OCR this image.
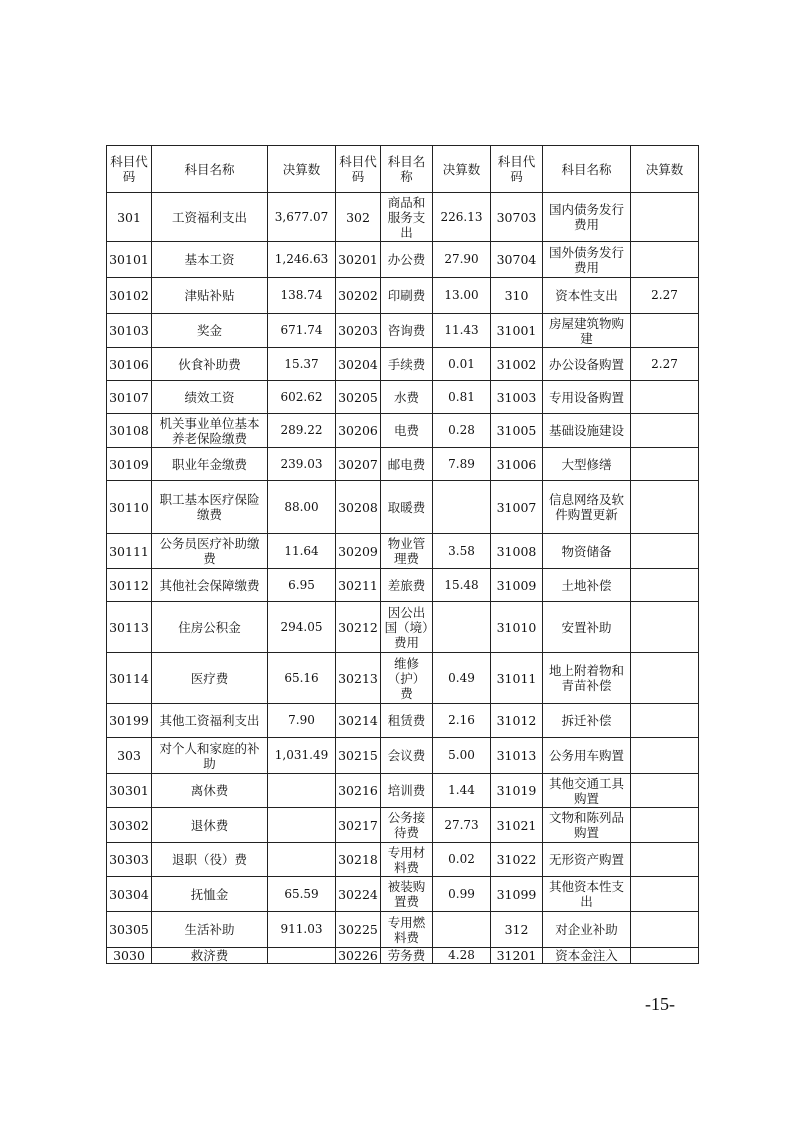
科目代码	科目名称	决算数	科目代码	科目名称	决算数	科目代码	科目名称	决算数
301	工资福利支出	3,677.07	302	商品和服务支出	226.13	30703	国内债务发行费用	
30101	基本工资	1,246.63	30201	办公费	27.90	30704	国外债务发行费用	
30102	津贴补贴	138.74	30202	印刷费	13.00	310	资本性支出	2.27
30103	奖金	671.74	30203	咨询费	11.43	31001	房屋建筑物购建	
30106	伙食补助费	15.37	30204	手续费	0.01	31002	办公设备购置	2.27
30107	绩效工资	602.62	30205	水费	0.81	31003	专用设备购置	
30108	机关事业单位基本养老保险缴费	289.22	30206	电费	0.28	31005	基础设施建设	
30109	职业年金缴费	239.03	30207	邮电费	7.89	31006	大型修缮	
30110	职工基本医疗保险缴费	88.00	30208	取暖费		31007	信息网络及软件购置更新	
30111	公务员医疗补助缴费	11.64	30209	物业管理费	3.58	31008	物资储备	
30112	其他社会保障缴费	6.95	30211	差旅费	15.48	31009	土地补偿	
30113	住房公积金	294.05	30212	因公出国（境）费用		31010	安置补助	
30114	医疗费	65.16	30213	维修（护）费	0.49	31011	地上附着物和青苗补偿	
30199	其他工资福利支出	7.90	30214	租赁费	2.16	31012	拆迁补偿	
303	对个人和家庭的补助	1,031.49	30215	会议费	5.00	31013	公务用车购置	
30301	离休费		30216	培训费	1.44	31019	其他交通工具购置	
30302	退休费		30217	公务接待费	27.73	31021	文物和陈列品购置	
30303	退职（役）费		30218	专用材料费	0.02	31022	无形资产购置	
30304	抚恤金	65.59	30224	被装购置费	0.99	31099	其他资本性支出	
30305	生活补助	911.03	30225	专用燃料费		312	对企业补助	
3030	救济费		30226	劳务费	4.28	31201	资本金注入	
-15-
